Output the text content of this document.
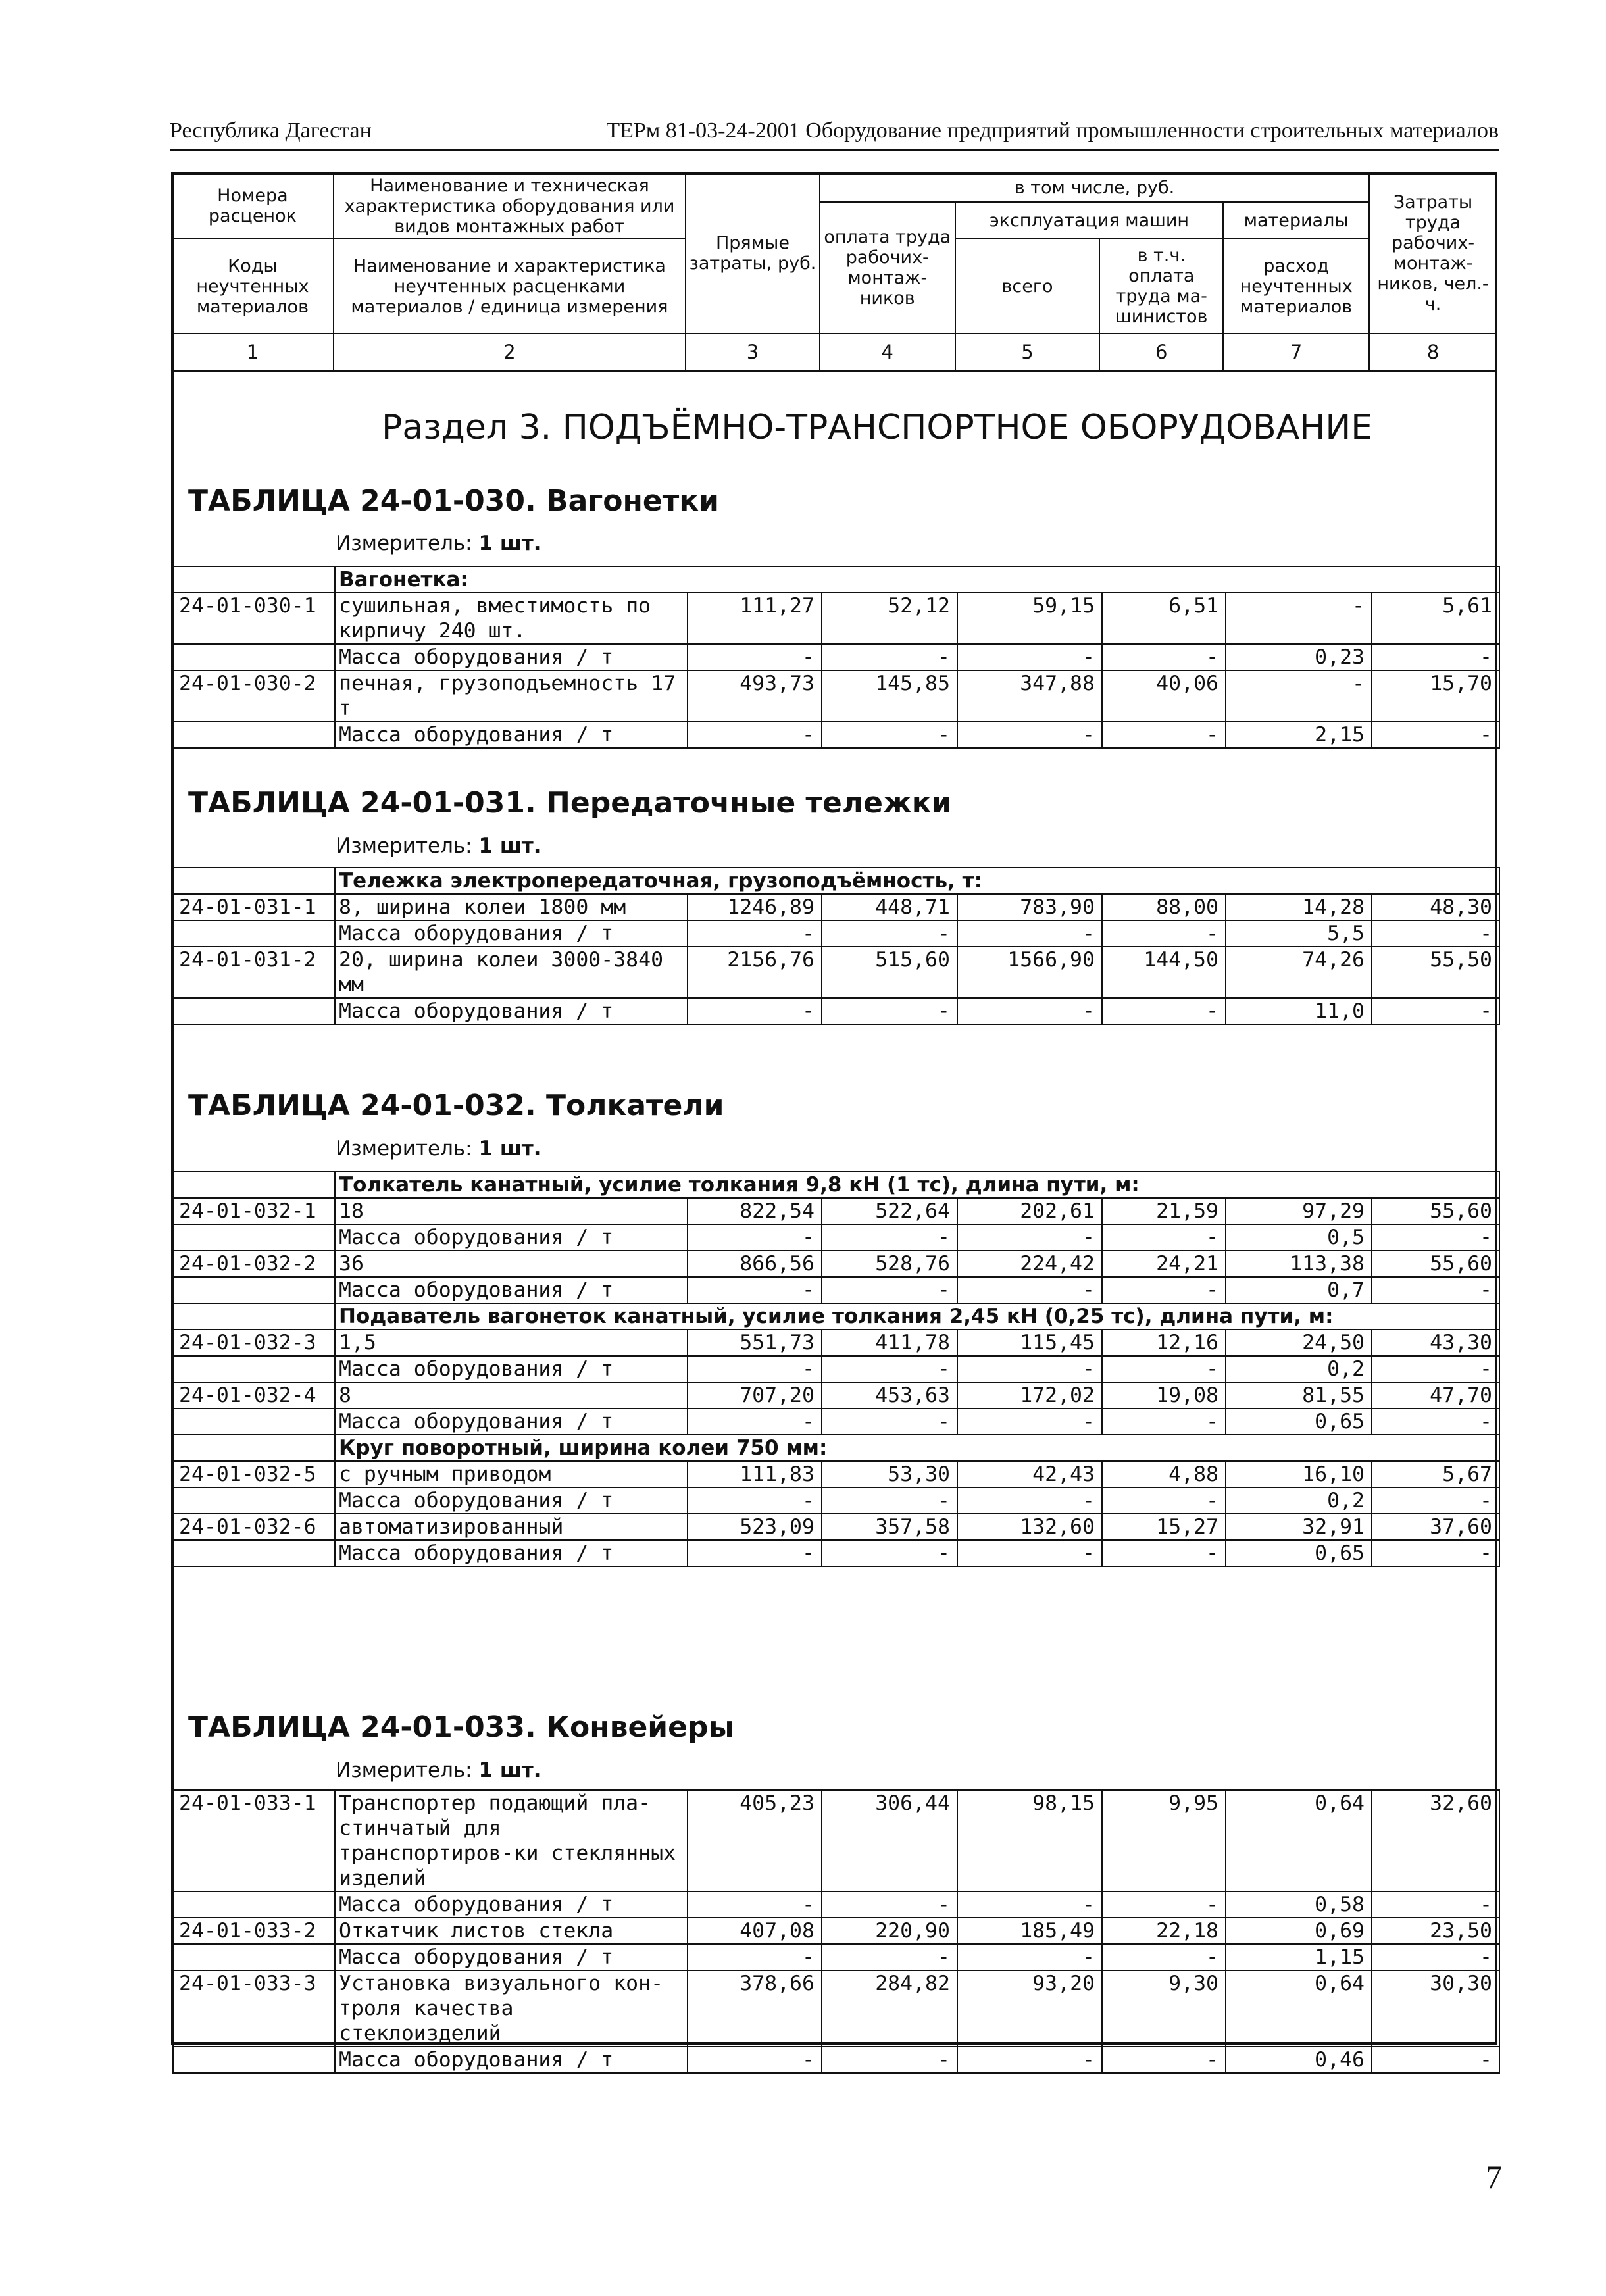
Республика Дагестан	ТЕРм 81-03-24-2001 Оборудование предприятий промышленности строительных материалов
Номера расценок	Наименование и техническая характеристика оборудования или видов монтажных работ	Прямые затраты, руб.	в том числе, руб.				Затраты труда рабочих-монтаж-ников, чел.-ч.
			оплата труда рабочих-монтаж-ников	эксплуатация машин		материалы	
Коды неучтенных материалов	Наименование и характеристика неучтенных расценками материалов / единица измерения			всего	в т.ч. оплата труда ма-шинистов	расход неучтенных материалов	

1	2	3	4	5	6	7	8
Раздел 3. ПОДЪЁМНО-ТРАНСПОРТНОЕ ОБОРУДОВАНИЕ
ТАБЛИЦА 24-01-030. Вагонетки
Измеритель: 1 шт.
ТАБЛИЦА 24-01-031. Передаточные тележки
Измеритель: 1 шт.
ТАБЛИЦА 24-01-032. Толкатели
Измеритель: 1 шт.
ТАБЛИЦА 24-01-033. Конвейеры
Измеритель: 1 шт.
	Вагонетка:						
24-01-030-1	сушильная, вместимость по кирпичу 240 шт.	111,27	52,12	59,15	6,51	-	5,61
	Масса оборудования / т	-	-	-	-	0,23	-
24-01-030-2	печная, грузоподъемность 17 т	493,73	145,85	347,88	40,06	-	15,70
	Масса оборудования / т	-	-	-	-	2,15	-
	Тележка электропередаточная, грузоподъёмность, т:						
24-01-031-1	8, ширина колеи 1800 мм	1246,89	448,71	783,90	88,00	14,28	48,30
	Масса оборудования / т	-	-	-	-	5,5	-
24-01-031-2	20, ширина колеи 3000-3840 мм	2156,76	515,60	1566,90	144,50	74,26	55,50
	Масса оборудования / т	-	-	-	-	11,0	-
	Толкатель канатный, усилие толкания 9,8 кН (1 тс), длина пути, м:						
24-01-032-1	18	822,54	522,64	202,61	21,59	97,29	55,60
	Масса оборудования / т	-	-	-	-	0,5	-
24-01-032-2	36	866,56	528,76	224,42	24,21	113,38	55,60
	Масса оборудования / т	-	-	-	-	0,7	-
	Подаватель вагонеток канатный, усилие толкания 2,45 кН (0,25 тс), длина пути, м:						
24-01-032-3	1,5	551,73	411,78	115,45	12,16	24,50	43,30
	Масса оборудования / т	-	-	-	-	0,2	-
24-01-032-4	8	707,20	453,63	172,02	19,08	81,55	47,70
	Масса оборудования / т	-	-	-	-	0,65	-
	Круг поворотный, ширина колеи 750 мм:						
24-01-032-5	с ручным приводом	111,83	53,30	42,43	4,88	16,10	5,67
	Масса оборудования / т	-	-	-	-	0,2	-
24-01-032-6	автоматизированный	523,09	357,58	132,60	15,27	32,91	37,60
	Масса оборудования / т	-	-	-	-	0,65	-
24-01-033-1	Транспортер подающий пла-стинчатый для транспортиров-ки стеклянных изделий	405,23	306,44	98,15	9,95	0,64	32,60
	Масса оборудования / т	-	-	-	-	0,58	-
24-01-033-2	Откатчик листов стекла	407,08	220,90	185,49	22,18	0,69	23,50
	Масса оборудования / т	-	-	-	-	1,15	-
24-01-033-3	Установка визуального кон-троля качества стеклоизделий	378,66	284,82	93,20	9,30	0,64	30,30
	Масса оборудования / т	-	-	-	-	0,46	-
7
